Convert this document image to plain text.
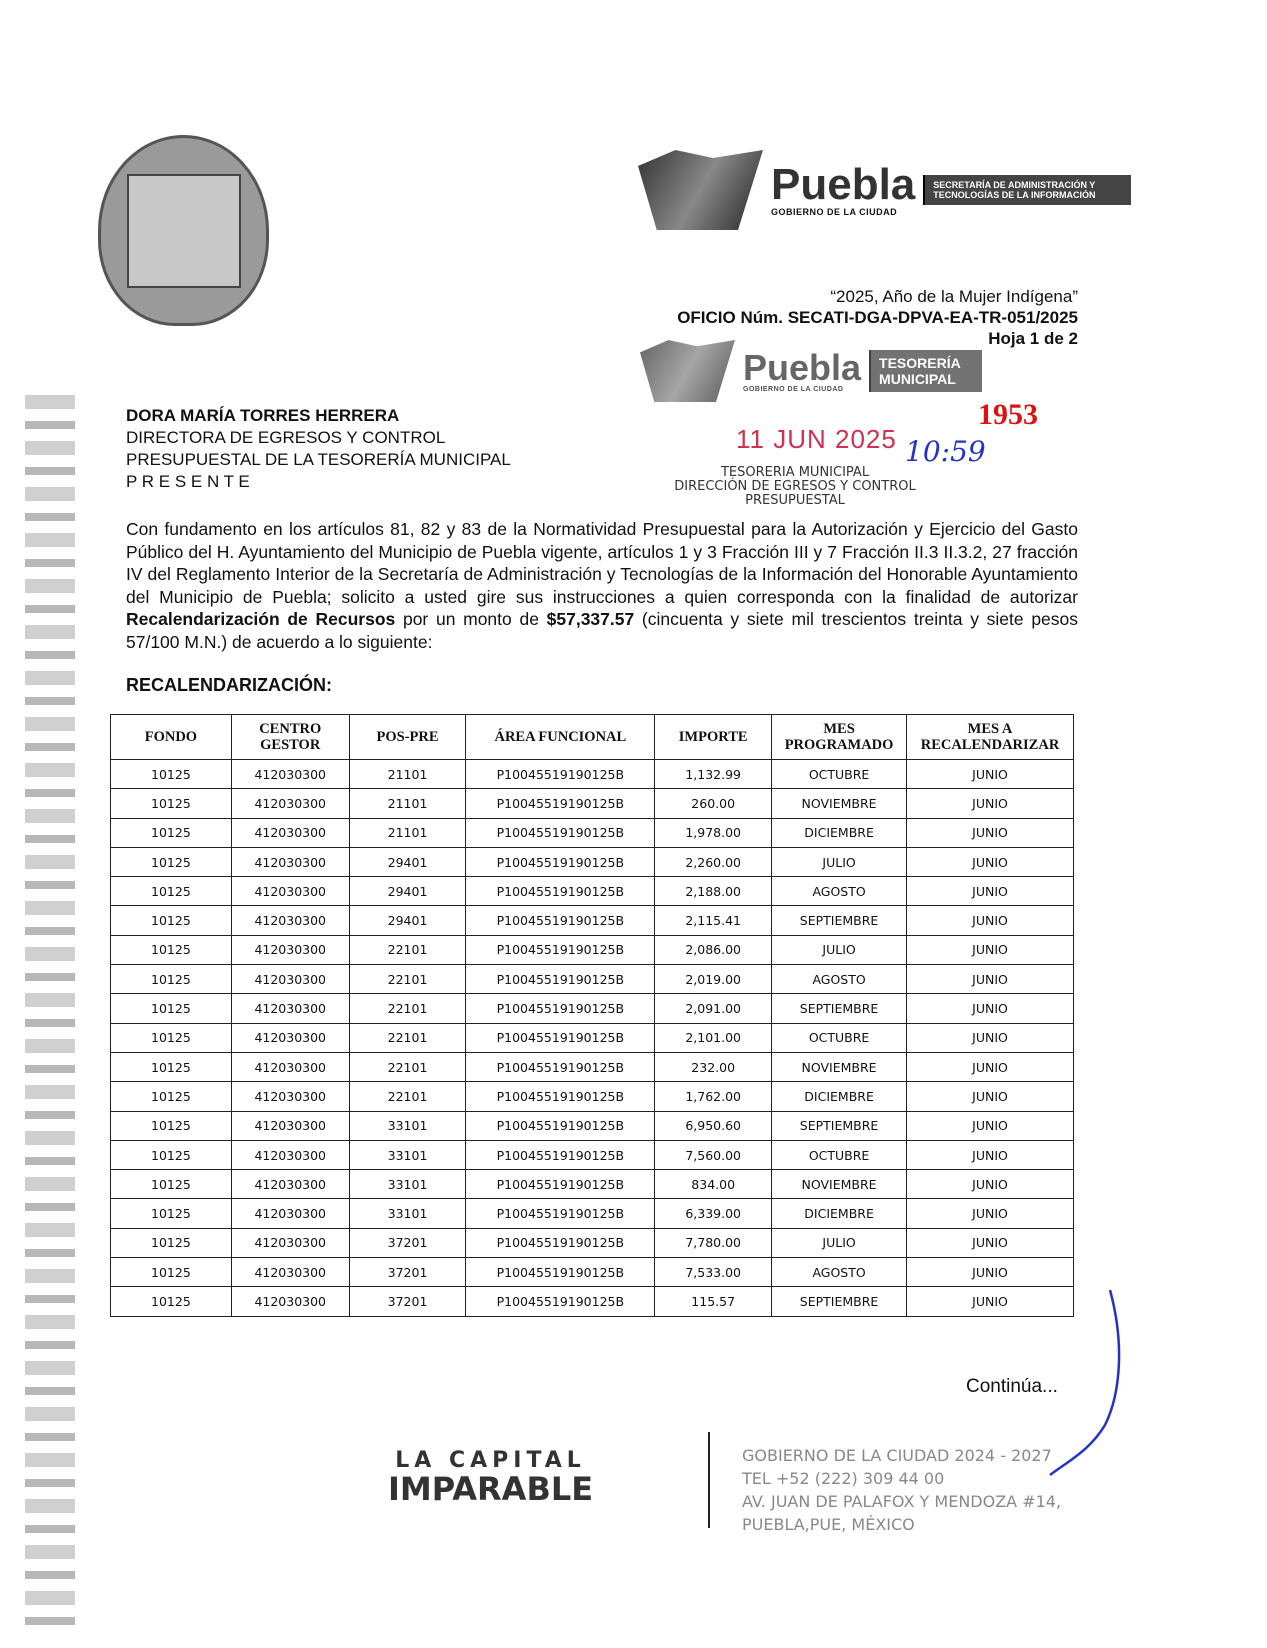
Puebla
GOBIERNO DE LA CIUDAD
SECRETARÍA DE ADMINISTRACIÓN Y TECNOLOGÍAS DE LA INFORMACIÓN
“2025, Año de la Mujer Indígena”
OFICIO Núm. SECATI-DGA-DPVA-EA-TR-051/2025
Hoja 1 de 2
Puebla
GOBIERNO DE LA CIUDAD
TESORERÍA MUNICIPAL
1953
11 JUN 2025 10:59
TESORERIA MUNICIPAL
DIRECCIÓN DE EGRESOS Y CONTROL
PRESUPUESTAL
DORA MARÍA TORRES HERRERA
DIRECTORA DE EGRESOS Y CONTROL
PRESUPUESTAL DE LA TESORERÍA MUNICIPAL
P R E S E N T E
Con fundamento en los artículos 81, 82 y 83 de la Normatividad Presupuestal para la Autorización y Ejercicio del Gasto Público del H. Ayuntamiento del Municipio de Puebla vigente, artículos 1 y 3 Fracción III y 7 Fracción II.3 II.3.2, 27 fracción IV del Reglamento Interior de la Secretaría de Administración y Tecnologías de la Información del Honorable Ayuntamiento del Municipio de Puebla; solicito a usted gire sus instrucciones a quien corresponda con la finalidad de autorizar Recalendarización de Recursos por un monto de $57,337.57 (cincuenta y siete mil trescientos treinta y siete pesos 57/100 M.N.) de acuerdo a lo siguiente:
RECALENDARIZACIÓN:
FONDO	CENTRO GESTOR	POS-PRE	ÁREA FUNCIONAL	IMPORTE	MES PROGRAMADO	MES A RECALENDARIZAR
10125	412030300	21101	P10045519190125B	1,132.99	OCTUBRE	JUNIO
10125	412030300	21101	P10045519190125B	260.00	NOVIEMBRE	JUNIO
10125	412030300	21101	P10045519190125B	1,978.00	DICIEMBRE	JUNIO
10125	412030300	29401	P10045519190125B	2,260.00	JULIO	JUNIO
10125	412030300	29401	P10045519190125B	2,188.00	AGOSTO	JUNIO
10125	412030300	29401	P10045519190125B	2,115.41	SEPTIEMBRE	JUNIO
10125	412030300	22101	P10045519190125B	2,086.00	JULIO	JUNIO
10125	412030300	22101	P10045519190125B	2,019.00	AGOSTO	JUNIO
10125	412030300	22101	P10045519190125B	2,091.00	SEPTIEMBRE	JUNIO
10125	412030300	22101	P10045519190125B	2,101.00	OCTUBRE	JUNIO
10125	412030300	22101	P10045519190125B	232.00	NOVIEMBRE	JUNIO
10125	412030300	22101	P10045519190125B	1,762.00	DICIEMBRE	JUNIO
10125	412030300	33101	P10045519190125B	6,950.60	SEPTIEMBRE	JUNIO
10125	412030300	33101	P10045519190125B	7,560.00	OCTUBRE	JUNIO
10125	412030300	33101	P10045519190125B	834.00	NOVIEMBRE	JUNIO
10125	412030300	33101	P10045519190125B	6,339.00	DICIEMBRE	JUNIO
10125	412030300	37201	P10045519190125B	7,780.00	JULIO	JUNIO
10125	412030300	37201	P10045519190125B	7,533.00	AGOSTO	JUNIO
10125	412030300	37201	P10045519190125B	115.57	SEPTIEMBRE	JUNIO
Continúa...
LA CAPITAL
IMPARABLE
GOBIERNO DE LA CIUDAD 2024 - 2027
TEL +52 (222) 309 44 00
AV. JUAN DE PALAFOX Y MENDOZA #14,
PUEBLA,PUE, MÉXICO
